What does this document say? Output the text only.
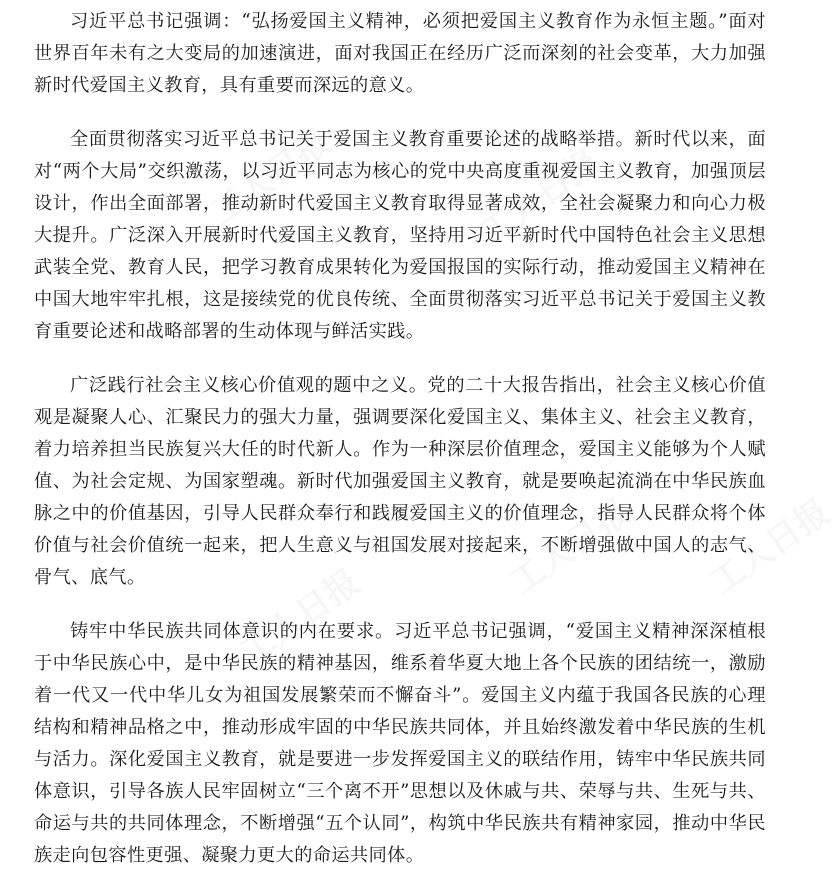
工人日报	工人日报
工人日报 工人日报
工人日报

习近平总书记强调：“弘扬爱国主义精神，必须把爱国主义教育作为永恒主题。”面对世界百年未有之大变局的加速演进，面对我国正在经历广泛而深刻的社会变革，大力加强新时代爱国主义教育，具有重要而深远的意义。

全面贯彻落实习近平总书记关于爱国主义教育重要论述的战略举措。新时代以来，面对“两个大局”交织激荡，以习近平同志为核心的党中央高度重视爱国主义教育，加强顶层设计，作出全面部署，推动新时代爱国主义教育取得显著成效，全社会凝聚力和向心力极大提升。广泛深入开展新时代爱国主义教育，坚持用习近平新时代中国特色社会主义思想武装全党、教育人民，把学习教育成果转化为爱国报国的实际行动，推动爱国主义精神在中国大地牢牢扎根，这是接续党的优良传统、全面贯彻落实习近平总书记关于爱国主义教育重要论述和战略部署的生动体现与鲜活实践。

广泛践行社会主义核心价值观的题中之义。党的二十大报告指出，社会主义核心价值观是凝聚人心、汇聚民力的强大力量，强调要深化爱国主义、集体主义、社会主义教育，着力培养担当民族复兴大任的时代新人。作为一种深层价值理念，爱国主义能够为个人赋值、为社会定规、为国家塑魂。新时代加强爱国主义教育，就是要唤起流淌在中华民族血脉之中的价值基因，引导人民群众奉行和践履爱国主义的价值理念，指导人民群众将个体价值与社会价值统一起来，把人生意义与祖国发展对接起来，不断增强做中国人的志气、骨气、底气。

铸牢中华民族共同体意识的内在要求。习近平总书记强调，“爱国主义精神深深植根于中华民族心中，是中华民族的精神基因，维系着华夏大地上各个民族的团结统一，激励着一代又一代中华儿女为祖国发展繁荣而不懈奋斗”。爱国主义内蕴于我国各民族的心理结构和精神品格之中，推动形成牢固的中华民族共同体，并且始终激发着中华民族的生机与活力。深化爱国主义教育，就是要进一步发挥爱国主义的联结作用，铸牢中华民族共同体意识，引导各族人民牢固树立“三个离不开”思想以及休戚与共、荣辱与共、生死与共、命运与共的共同体理念，不断增强“五个认同”，构筑中华民族共有精神家园，推动中华民族走向包容性更强、凝聚力更大的命运共同体。
